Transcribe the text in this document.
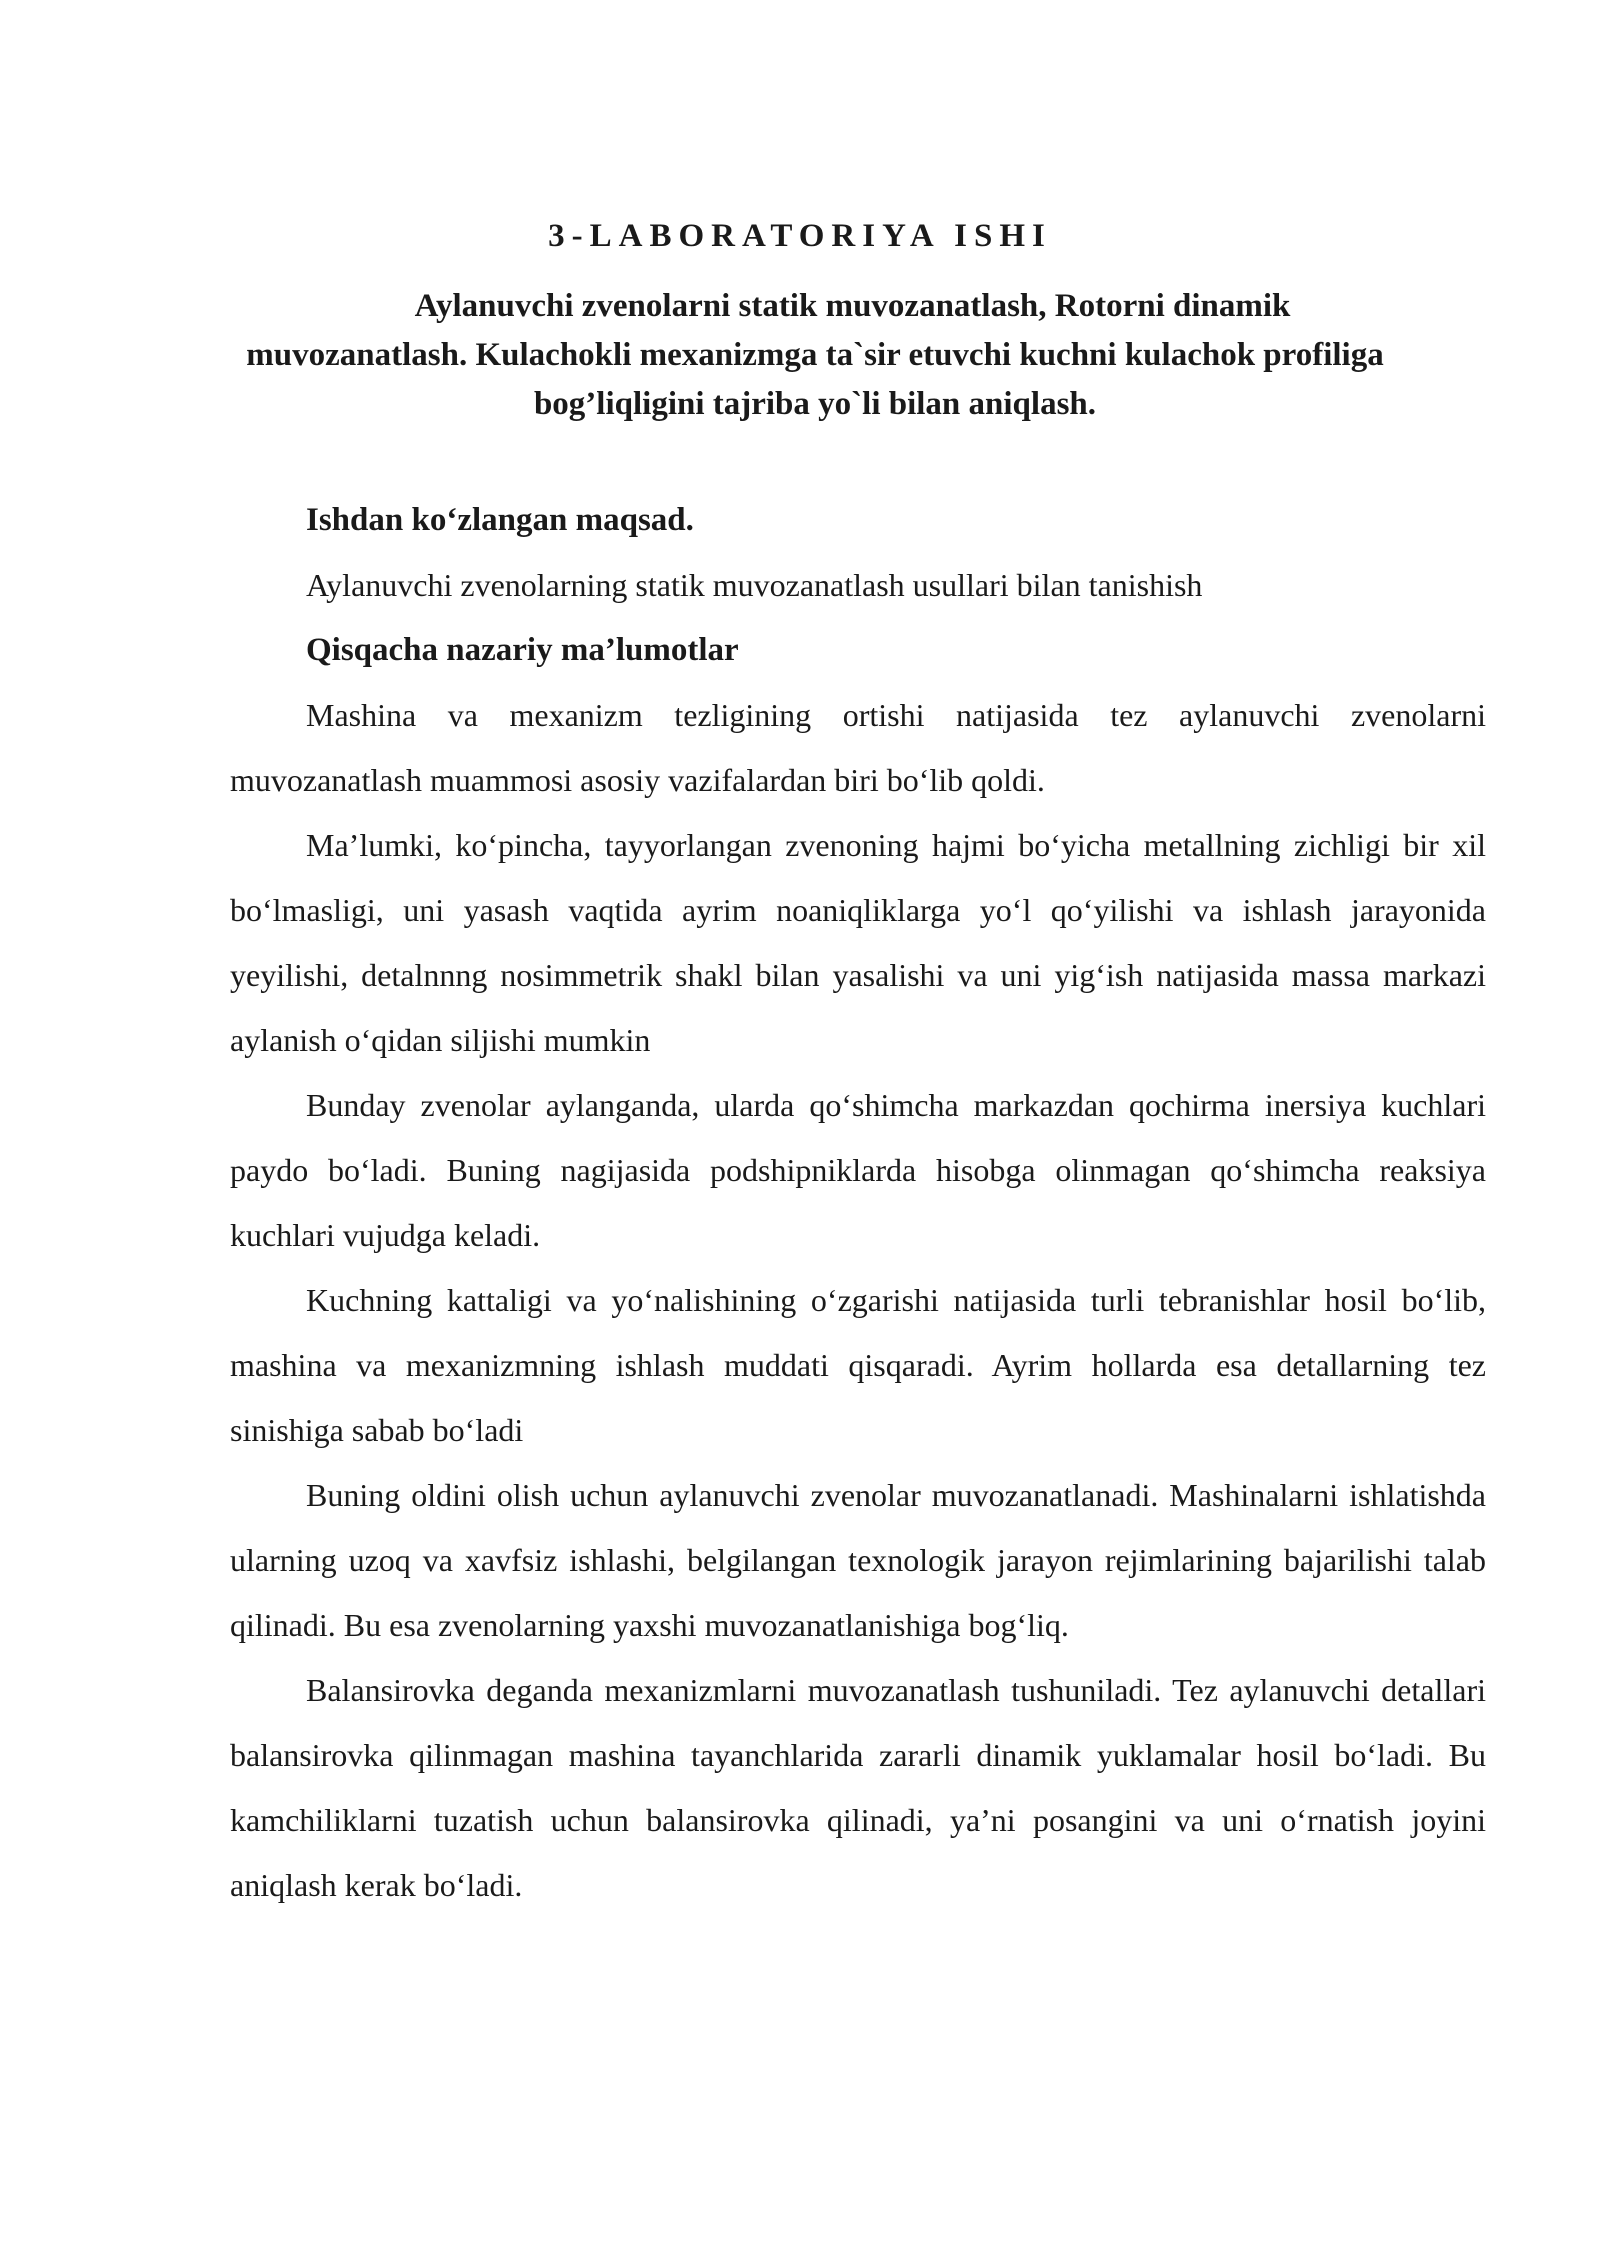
3-LABORATORIYA ISHI
Aylanuvchi zvenolarni statik muvozanatlash, Rotorni dinamik muvozanatlash. Kulachokli mexanizmga ta`sir etuvchi kuchni kulachok profiliga bog’liqligini tajriba yo`li bilan aniqlash.

Ishdan ko‘zlangan maqsad.

Aylanuvchi zvenolarning statik muvozanatlash usullari bilan tanishish

Qisqacha nazariy ma’lumotlar

Mashina va mexanizm tezligining ortishi natijasida tez aylanuvchi zvenolarni muvozanatlash muammosi asosiy vazifalardan biri bo‘lib qoldi.

Ma’lumki, ko‘pincha, tayyorlangan zvenoning hajmi bo‘yicha metallning zichligi bir xil bo‘lmasligi, uni yasash vaqtida ayrim noaniqliklarga yo‘l qo‘yilishi va ishlash jarayonida yeyilishi, detalnnng nosimmetrik shakl bilan yasalishi va uni yig‘ish natijasida massa markazi aylanish o‘qidan siljishi mumkin

Bunday zvenolar aylanganda, ularda qo‘shimcha markazdan qochirma inersiya kuchlari paydo bo‘ladi. Buning nagijasida podshipniklarda hisobga olinmagan qo‘shimcha reaksiya kuchlari vujudga keladi.

Kuchning kattaligi va yo‘nalishining o‘zgarishi natijasida turli tebranishlar hosil bo‘lib, mashina va mexanizmning ishlash muddati qisqaradi. Ayrim hollarda esa detallarning tez sinishiga sabab bo‘ladi

Buning oldini olish uchun aylanuvchi zvenolar muvozanatlanadi. Mashinalarni ishlatishda ularning uzoq va xavfsiz ishlashi, belgilangan texnologik jarayon rejimlarining bajarilishi talab qilinadi. Bu esa zvenolarning yaxshi muvozanatlanishiga bog‘liq.

Balansirovka deganda mexanizmlarni muvozanatlash tushuniladi. Tez aylanuvchi detallari balansirovka qilinmagan mashina tayanchlarida zararli dinamik yuklamalar hosil bo‘ladi. Bu kamchiliklarni tuzatish uchun balansirovka qilinadi, ya’ni posangini va uni o‘rnatish joyini aniqlash kerak bo‘ladi.
